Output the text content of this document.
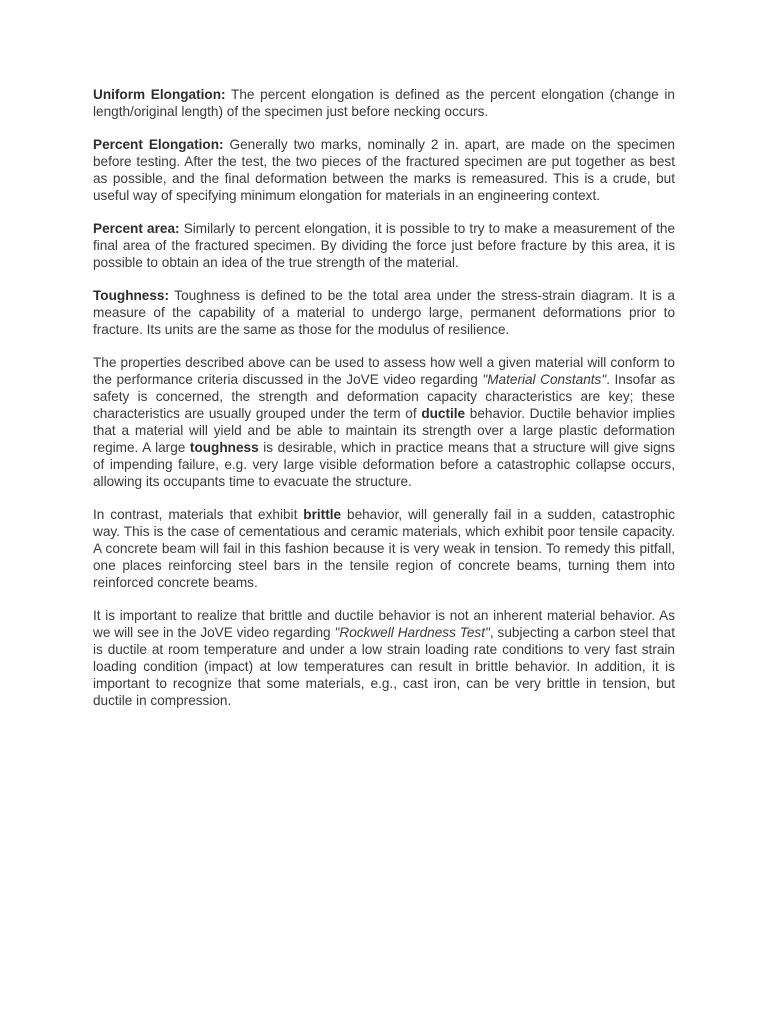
Uniform Elongation: The percent elongation is defined as the percent elongation (change in length/original length) of the specimen just before necking occurs.

Percent Elongation: Generally two marks, nominally 2 in. apart, are made on the specimen before testing. After the test, the two pieces of the fractured specimen are put together as best as possible, and the final deformation between the marks is remeasured. This is a crude, but useful way of specifying minimum elongation for materials in an engineering context.

Percent area: Similarly to percent elongation, it is possible to try to make a measurement of the final area of the fractured specimen. By dividing the force just before fracture by this area, it is possible to obtain an idea of the true strength of the material.

Toughness: Toughness is defined to be the total area under the stress-strain diagram. It is a measure of the capability of a material to undergo large, permanent deformations prior to fracture. Its units are the same as those for the modulus of resilience.

The properties described above can be used to assess how well a given material will conform to the performance criteria discussed in the JoVE video regarding "Material Constants". Insofar as safety is concerned, the strength and deformation capacity characteristics are key; these characteristics are usually grouped under the term of ductile behavior. Ductile behavior implies that a material will yield and be able to maintain its strength over a large plastic deformation regime. A large toughness is desirable, which in practice means that a structure will give signs of impending failure, e.g. very large visible deformation before a catastrophic collapse occurs, allowing its occupants time to evacuate the structure.

In contrast, materials that exhibit brittle behavior, will generally fail in a sudden, catastrophic way. This is the case of cementatious and ceramic materials, which exhibit poor tensile capacity. A concrete beam will fail in this fashion because it is very weak in tension. To remedy this pitfall, one places reinforcing steel bars in the tensile region of concrete beams, turning them into reinforced concrete beams.

It is important to realize that brittle and ductile behavior is not an inherent material behavior. As we will see in the JoVE video regarding "Rockwell Hardness Test", subjecting a carbon steel that is ductile at room temperature and under a low strain loading rate conditions to very fast strain loading condition (impact) at low temperatures can result in brittle behavior. In addition, it is important to recognize that some materials, e.g., cast iron, can be very brittle in tension, but ductile in compression.
